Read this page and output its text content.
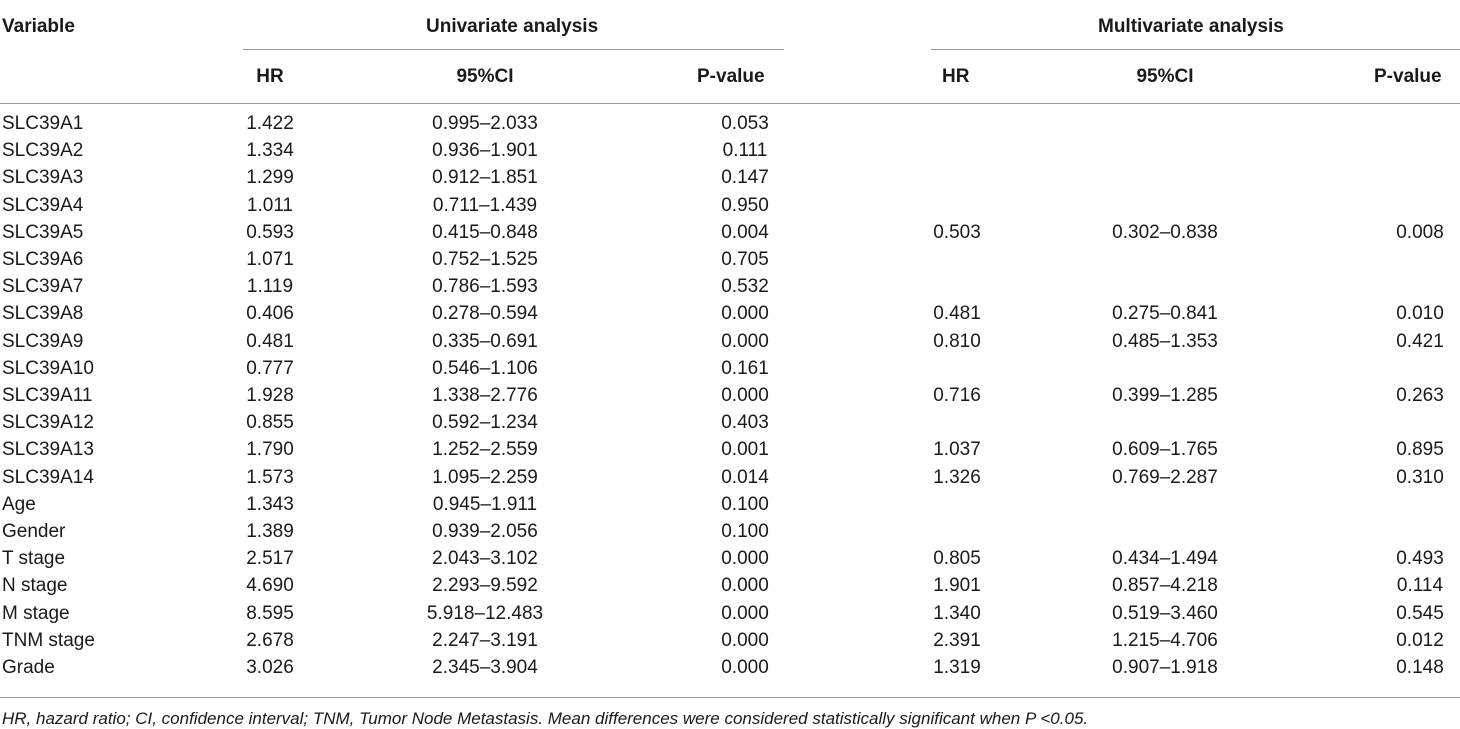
Variable	Univariate analysis	Multivariate analysis
HR	95%CI	P-value	HR	95%CI	P-value
SLC39A1	1.422	0.995–2.033	0.053
SLC39A2	1.334	0.936–1.901	0.111
SLC39A3	1.299	0.912–1.851	0.147
SLC39A4	1.011	0.711–1.439	0.950
SLC39A5	0.593	0.415–0.848	0.004	0.503	0.302–0.838	0.008
SLC39A6	1.071	0.752–1.525	0.705
SLC39A7	1.119	0.786–1.593	0.532
SLC39A8	0.406	0.278–0.594	0.000	0.481	0.275–0.841	0.010
SLC39A9	0.481	0.335–0.691	0.000	0.810	0.485–1.353	0.421
SLC39A10	0.777	0.546–1.106	0.161
SLC39A11	1.928	1.338–2.776	0.000	0.716	0.399–1.285	0.263
SLC39A12	0.855	0.592–1.234	0.403
SLC39A13	1.790	1.252–2.559	0.001	1.037	0.609–1.765	0.895
SLC39A14	1.573	1.095–2.259	0.014	1.326	0.769–2.287	0.310
Age	1.343	0.945–1.911	0.100
Gender	1.389	0.939–2.056	0.100
T stage	2.517	2.043–3.102	0.000	0.805	0.434–1.494	0.493
N stage	4.690	2.293–9.592	0.000	1.901	0.857–4.218	0.114
M stage	8.595	5.918–12.483	0.000	1.340	0.519–3.460	0.545
TNM stage	2.678	2.247–3.191	0.000	2.391	1.215–4.706	0.012
Grade	3.026	2.345–3.904	0.000	1.319	0.907–1.918	0.148
HR, hazard ratio; CI, confidence interval; TNM, Tumor Node Metastasis. Mean differences were considered statistically significant when P <0.05.
